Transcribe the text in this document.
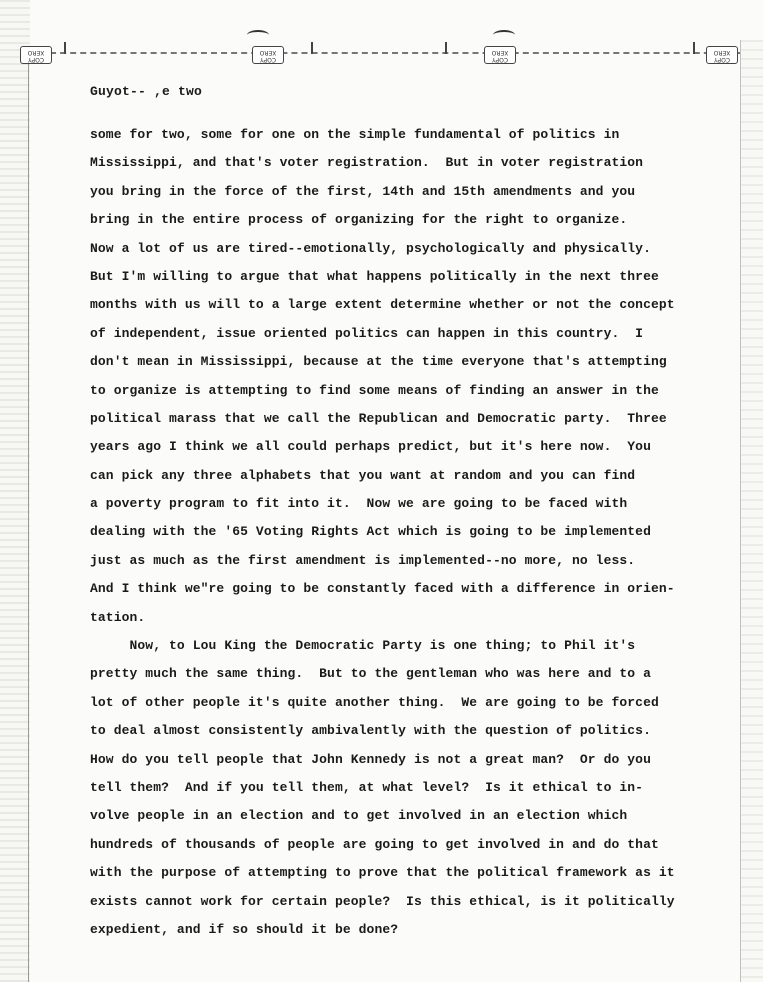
COPY
XERO
COPY
XERO
COPY
XERO
COPY
XERO
Guyot-- ,e two
some for two, some for one on the simple fundamental of politics in
Mississippi, and that's voter registration.  But in voter registration
you bring in the force of the first, 14th and 15th amendments and you
bring in the entire process of organizing for the right to organize.
Now a lot of us are tired--emotionally, psychologically and physically.
But I'm willing to argue that what happens politically in the next three
months with us will to a large extent determine whether or not the concept
of independent, issue oriented politics can happen in this country.  I
don't mean in Mississippi, because at the time everyone that's attempting
to organize is attempting to find some means of finding an answer in the
political marass that we call the Republican and Democratic party.  Three
years ago I think we all could perhaps predict, but it's here now.  You
can pick any three alphabets that you want at random and you can find
a poverty program to fit into it.  Now we are going to be faced with
dealing with the '65 Voting Rights Act which is going to be implemented
just as much as the first amendment is implemented--no more, no less.
And I think we"re going to be constantly faced with a difference in orien-
tation.
Now, to Lou King the Democratic Party is one thing; to Phil it's
pretty much the same thing.  But to the gentleman who was here and to a
lot of other people it's quite another thing.  We are going to be forced
to deal almost consistently ambivalently with the question of politics.
How do you tell people that John Kennedy is not a great man?  Or do you
tell them?  And if you tell them, at what level?  Is it ethical to in-
volve people in an election and to get involved in an election which
hundreds of thousands of people are going to get involved in and do that
with the purpose of attempting to prove that the political framework as it
exists cannot work for certain people?  Is this ethical, is it politically
expedient, and if so should it be done?
